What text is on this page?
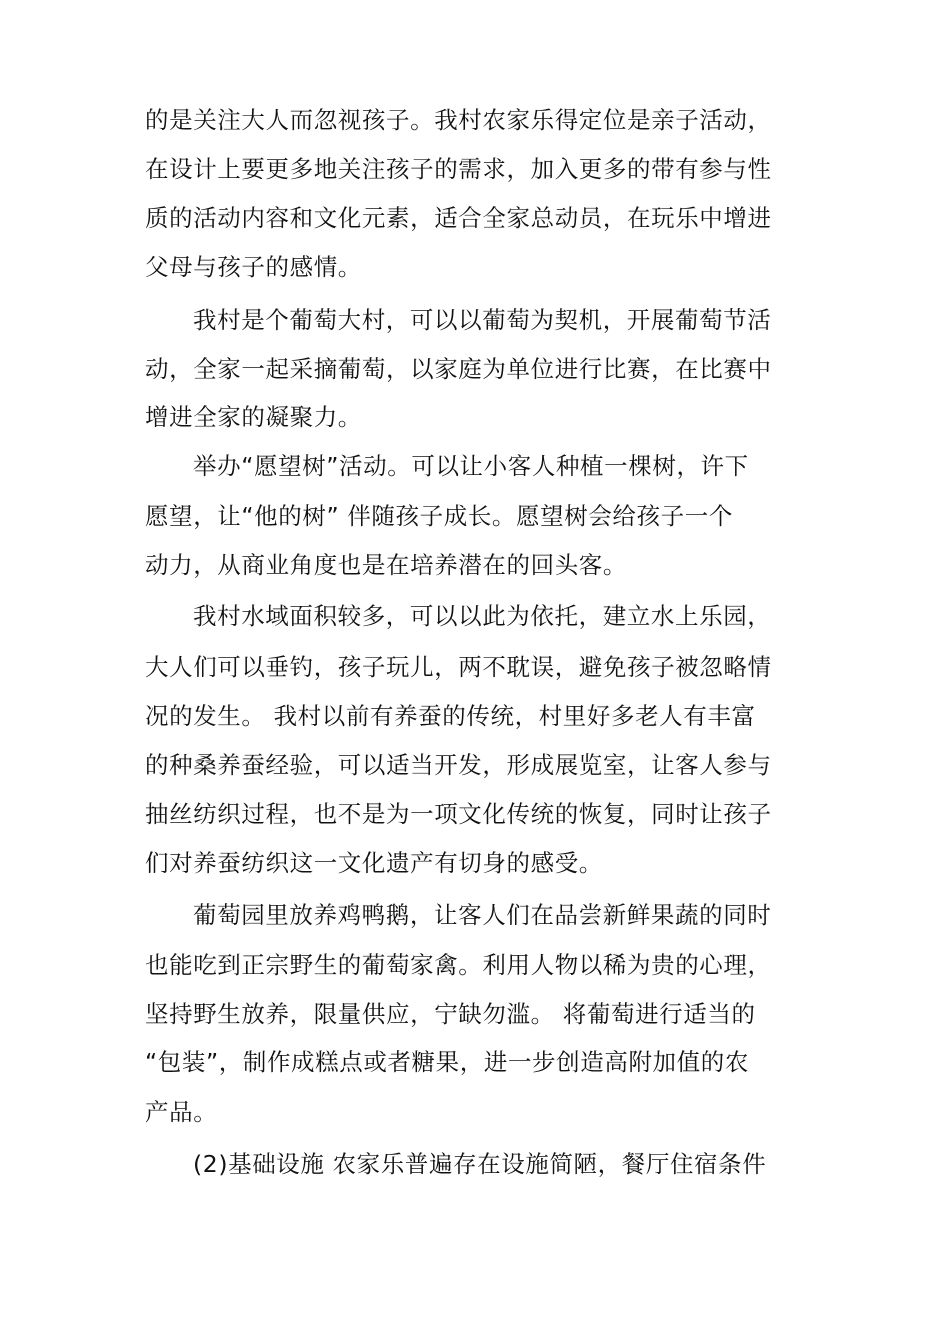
的是关注大人而忽视孩子。我村农家乐得定位是亲子活动，
在设计上要更多地关注孩子的需求，加入更多的带有参与性
质的活动内容和文化元素，适合全家总动员，在玩乐中增进
父母与孩子的感情。
我村是个葡萄大村，可以以葡萄为契机，开展葡萄节活
动，全家一起采摘葡萄，以家庭为单位进行比赛，在比赛中
增进全家的凝聚力。
举办“愿望树”活动。可以让小客人种植一棵树，许下
愿望，让“他的树” 伴随孩子成长。愿望树会给孩子一个
动力，从商业角度也是在培养潜在的回头客。
我村水域面积较多，可以以此为依托，建立水上乐园，
大人们可以垂钓，孩子玩儿，两不耽误，避免孩子被忽略情
况的发生。 我村以前有养蚕的传统，村里好多老人有丰富
的种桑养蚕经验，可以适当开发，形成展览室，让客人参与
抽丝纺织过程，也不是为一项文化传统的恢复，同时让孩子
们对养蚕纺织这一文化遗产有切身的感受。
葡萄园里放养鸡鸭鹅，让客人们在品尝新鲜果蔬的同时
也能吃到正宗野生的葡萄家禽。利用人物以稀为贵的心理，
坚持野生放养，限量供应，宁缺勿滥。 将葡萄进行适当的
“包装”，制作成糕点或者糖果，进一步创造高附加值的农
产品。
(2)基础设施 农家乐普遍存在设施简陋，餐厅住宿条件
